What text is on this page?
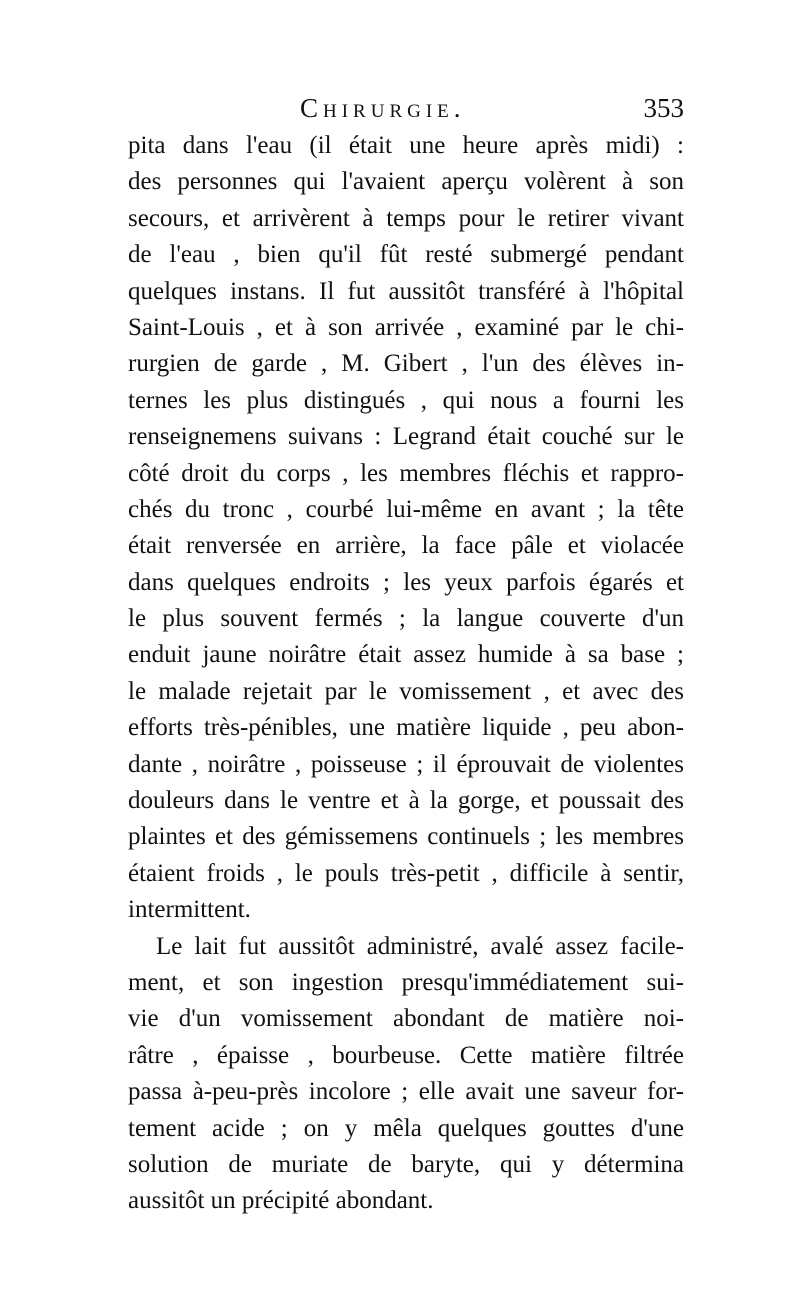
Chirurgie.	353
pita dans l'eau (il était une heure après midi) :
des personnes qui l'avaient aperçu volèrent à son
secours, et arrivèrent à temps pour le retirer vivant
de l'eau , bien qu'il fût resté submergé pendant
quelques instans. Il fut aussitôt transféré à l'hôpital
Saint-Louis , et à son arrivée , examiné par le chi-
rurgien de garde , M. Gibert , l'un des élèves in-
ternes les plus distingués , qui nous a fourni les
renseignemens suivans : Legrand était couché sur le
côté droit du corps , les membres fléchis et rappro-
chés du tronc , courbé lui-même en avant ; la tête
était renversée en arrière, la face pâle et violacée
dans quelques endroits ; les yeux parfois égarés et
le plus souvent fermés ; la langue couverte d'un
enduit jaune noirâtre était assez humide à sa base ;
le malade rejetait par le vomissement , et avec des
efforts très-pénibles, une matière liquide , peu abon-
dante , noirâtre , poisseuse ; il éprouvait de violentes
douleurs dans le ventre et à la gorge, et poussait des
plaintes et des gémissemens continuels ; les membres
étaient froids , le pouls très-petit , difficile à sentir,
intermittent.
Le lait fut aussitôt administré, avalé assez facile-
ment, et son ingestion presqu'immédiatement sui-
vie d'un vomissement abondant de matière noi-
râtre , épaisse , bourbeuse. Cette matière filtrée
passa à-peu-près incolore ; elle avait une saveur for-
tement acide ; on y mêla quelques gouttes d'une
solution de muriate de baryte, qui y détermina
aussitôt un précipité abondant.
